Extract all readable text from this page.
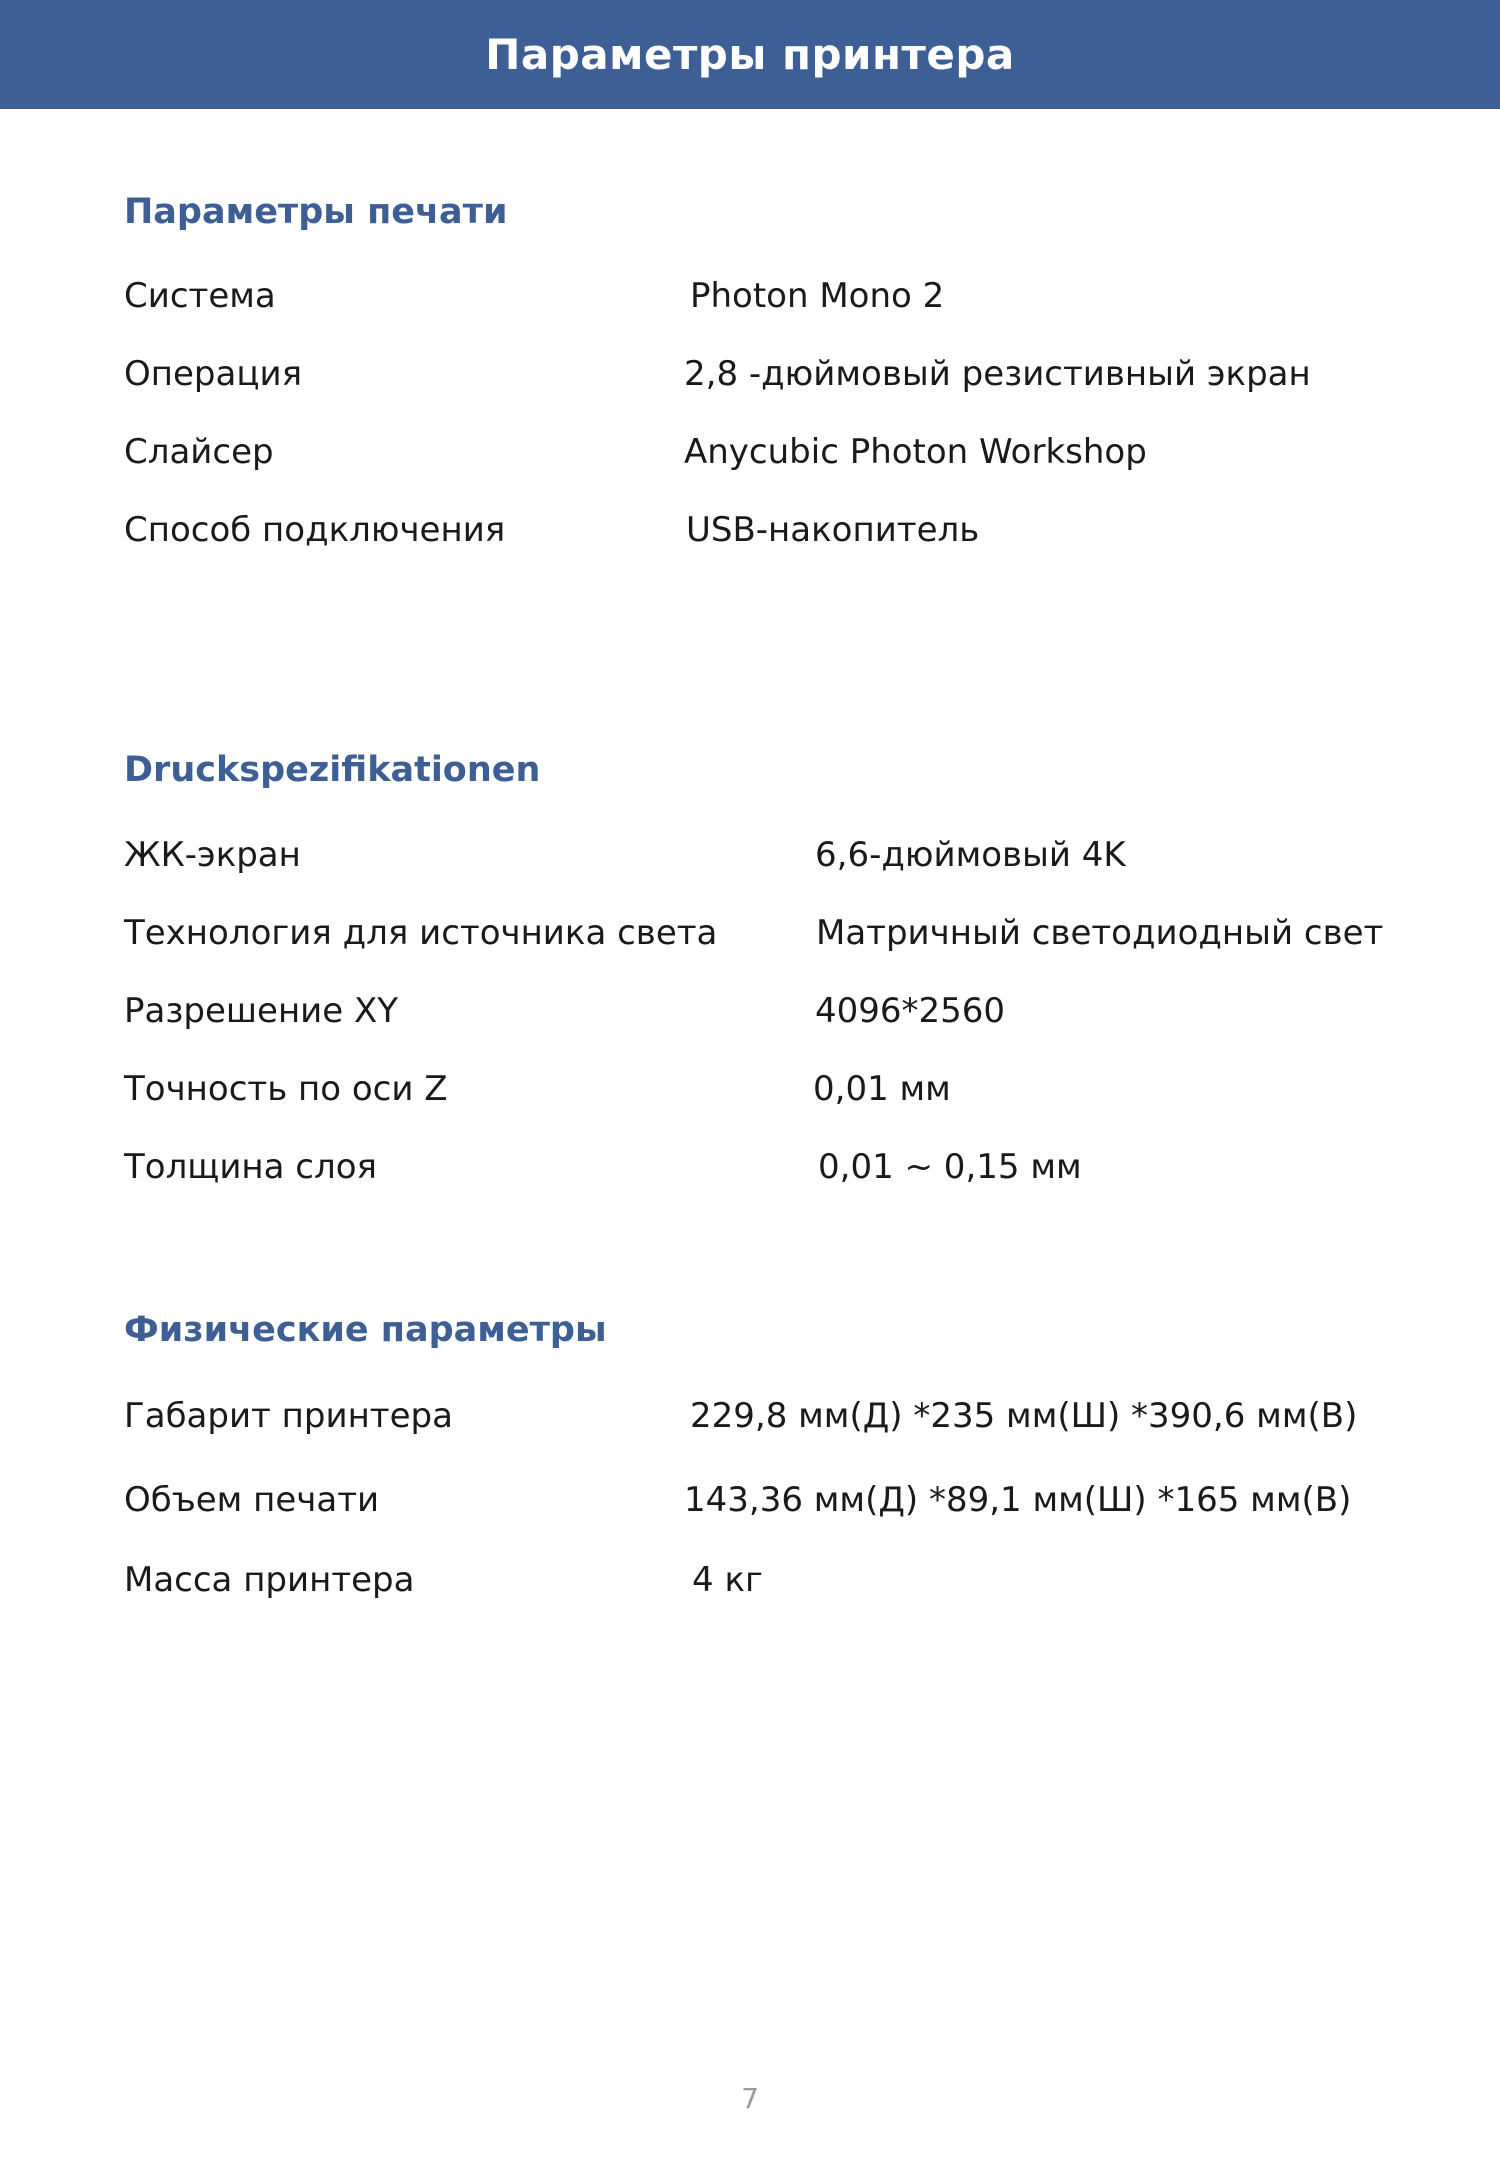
Параметры принтера
Параметры печати
Система	Photon Mono 2
Операция	2,8 -дюймовый резистивный экран
Слайсер	Anycubic Photon Workshop
Способ подключения	USB-накопитель
Druckspezifikationen
ЖК-экран	6,6-дюймовый 4K
Технология для источника света	Матричный светодиодный свет
Разрешение XY	4096*2560
Точность по оси Z	0,01 мм
Толщина слоя	0,01 ~ 0,15 мм
Физические параметры
Габарит принтера	229,8 мм(Д) *235 мм(Ш) *390,6 мм(В)
Объем печати	143,36 мм(Д) *89,1 мм(Ш) *165 мм(В)
Масса принтера	4 кг
7
